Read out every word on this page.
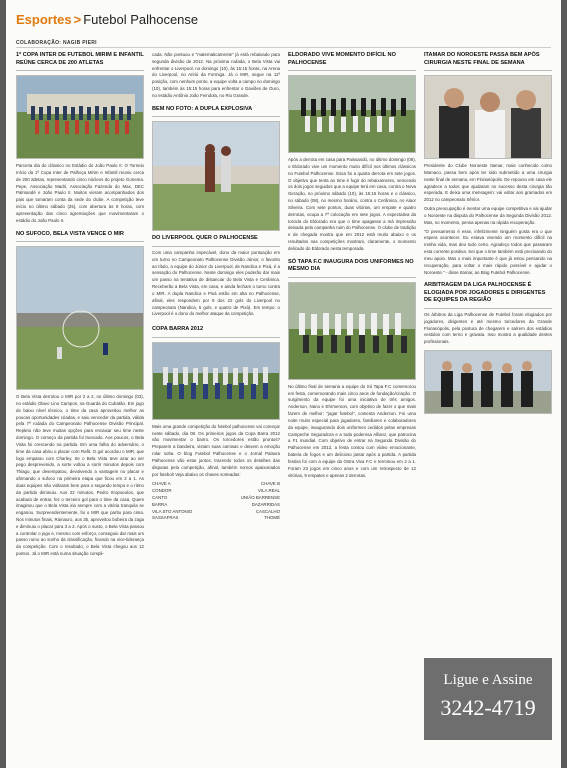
Esportes > Futebol Palhocense
COLABORAÇÃO: NAGIB PIERI
1º COPA INTER DE FUTEBOL MIRIM E INFANTIL REÚNE CERCA DE 200 ATLETAS

Parceria dia do clássico no Estádio do João Paulo II. O Torneio Início da 1ª Copa Inter de Palhoça Mirim e Infantil reuniu cerca de 200 atletas, representando cinco núcleos do projeto Gonema. Pepe, Associação Madri, Associação Fazenda do Max, DEC Palmandé e João Paulo II. Muitos vieram acompanhados dos pais que tomaram conta da sede do clube. A competição teve início no último sábado (25), com abertura às 8 horas, com apresentação das cinco agremiações que movimentaram o estádio do João Paulo II.

NO SUFOCO, BELA VISTA VENCE O MIR

O Bela Vista derrotou o MIR por 2 a 2, no último domingo (03), no estádio Olavo Lino Campos, na Guarda do Cubatão. Em jogo de baixo nível técnico, o time da casa aproveitou melhor as poucas oportunidades criadas, e saiu vencedor da partida, válida pela 7ª rodada do Campeonato Palhocense Divisão Principal. Repleto não teve muitas opções para encaixar seu time neste domingo. O começo da partida foi truncado. Aos poucos, o Bela Vista foi crescendo na partida. Em uma falha do adversário, o time da casa abriu o placar com Rafit. O gol acordou o MIR, que logo empatou com Charley. Se o Bela Vista teve azar ao ser pego desprevenido, a sorte voltou a sorrir minutos depois com Thiago, que desempatou, devolvendo a vantagem no placar e afirmando o sufoco na primeira etapa que ficou em 2 a 1. As duas equipes não voltaram bem para o segundo tempo e o ritmo da partida diminuiu. Aos 22 minutos, Pedro Itropoeulos, que acabara de entrar, fez o terceiro gol para o time da casa. Quem imaginou que o Bela Vista iria sempre com a vitória tranquila se enganou. Surpreendentemente, foi o MIR que partiu para cima. Nos minutos finais, Rainauro, aos 35, aproveitou bobeira da zaga e diminuiu o placar para 3 a 2. Após o susto, o Bela Vista passou a controlar o jogo e, mesmo com esforço, conseguiu dar mais um passo rumo ao sonho da classificação, ficando na vice-liderança da competição. Com o resultado, o Bela Vista chegou aos 12 pontos. Já o MIR está numa situação compli-

cada. Não pontuou e "matematicamente" já está rebaixado para segunda divisão de 2012. Na próxima rodada, o Bela Vista vai enfrentar o Liverpool, no domingo (10), às 15:15 horas, na Arena do Liverpool, no Aririú da Formiga. Já o MIR, segue na 11ª posição, com nenhum ponto, a equipe volta a campo no domingo (10), também às 15:15 horas para enfrentar o Gaviões de Ouro, no estádio Antônio João Feindola, no Rio Grande.

BEM NO FOTO: A DUPLA EXPLOSIVA
DO LIVERPOOL QUER O PALHOCENSE

Com uma campanha impecável, dono da maior pontuação em um turno no Campeonato Palhocense Divisão Júnior, o favorito ao título, a equipe do Júnior do Liverpool, de Nandica e Pixá, é a sensação do Palhocense. Neste domingo eles poderão dar mais um passo na tentativa de distanciar do Bela Vista e Cerâmica. Receberão a Bela Vista, em casa, e ainda fecham o turno contra o MIR. A dupla Nandica e Pixá estão em alta no Palhocense, afinal, eles respondem por 9 dos 22 gols do Liverpool no campeonato (Nandica, 5 gols, e quatro de Pixá). Em tempo: o Liverpool é o dono do melhor ataque da competição.

COPA BARRA 2012

Mais uma grande competição do futebol palhocense vai começar neste sábado, dia 08. Os primeiros jogos da Copa Barra 2012 vão movimentar o bairro. Os torcedores estão prontos? Preparem a bandeira, vistam suas camisas e deixem a emoção rolar solta. O blog Futebol Palhocense e o Jornal Palavra Palhocense vão estar juntos, trazendo todos os detalhes das disputas pela competição, afinal, também somos apaixonados por futebol! Veja abaixo os chaves sorteadas:

CHAVE A	CHAVE B
CONDOR	VILA REAL
CANTO	UNIÃO BARRENSE
BARRA	DAZARRIDAS
VILA STO ANTONIO	CASCALHO
SASSAFRAS	THOMÉ
ELDORADO VIVE MOMENTO DIFÍCIL NO PALHOCENSE

Após a derrota em casa para Paissandú, no último domingo (08), o Eldorado vive um momento muito difícil nos últimos clássicos no Futebol Palhocense. Essa foi a quarta derrota em sete jogos. O objetivo que tenta ao time é fugir do rebaixamento, vencendo os dois jogos seguidos que a equipe terá em casa, contra o Nova Geração, no próximo sábado (10), às 15:15 horas e o clássico, no sábado (08), no mesmo horário, contra o Cerâmica, no Alaor Silveira. Com sete pontos, duas vitórias, um empate e quatro derrotas, ocupa a 7ª colocação em sete jogos. A expectativa da torcida do Eldorado era que o time apagasse a má impressão deixada pela campanha ruim do Palhocense. O clube de tradição e de chegada mostra que em 2012 está muito abaixo e os resultados nas competições mostram, claramente, o momento delicado do Eldorado nesta temporada.

SÓ TAPA F.C INAUGURA DOIS UNIFORMES NO MESMO DIA

No último final de semana a equipe do Só Tapa F.C comemorou em festa, comemorando mais cinco anos de fundação/criação. O surgimento da equipe foi uma iniciativa de três amigos. Anderson, Nano e Ehrmerson, com objetivo de fazer o que mais fazem de melhor: "jogar futebol", comenta Anderson. Foi uma noite muito especial para jogadores, familiares e colaboradores da equipe, inaugurando dois uniformes cedidos pelas empresas Campeche Seguradora e a toda poderosa Allianz, que patrocina a F1 mundial. Com objetivo de entrar na Segunda Divisão do Palhocense em 2012, a festa contou com vídeo emocionante, bateria de fogos e um delicioso jantar após a partida. A partida festiva foi com a equipe da Ostra Viva F.C e terminou em 2 a 1. Foram 23 jogos em cinco anos e com um retrospecto de 12 vitórias, 9 empates e apenas 2 derrotas.

ITAMAR DO NOROESTE PASSA BEM APÓS CIRURGIA NESTE FINAL DE SEMANA

Presidente do Clube Noroeste Itamar, mais conhecido como Mamaco, passa bem após ter sido submetido a uma cirurgia neste final de semana, em Florianópolis. De repouso em casa ele agradece a todos que ajudaram no sucesso desta cirurgia tão esperada. E deixa uma mensagem: vai voltar aos gramados em 2012 no campeonato Sênior.

Outra preocupação é mentar uma equipe competitiva e vai ajudar o Noroeste na disputa do Palhocense da Segunda Divisão 2012. Mas, no momento, pensa apenas na rápida recuperação.

"O pensamento é esse, infelizmente ninguém gosta era o que espera acontecer. Eu estava vivendo um momento difícil na minha vida, mas deu tudo certo. Agradeço todos que passaram esta corrente positiva. Sei que o time também está precisando do meu apoio. Mas o mais importante é que já estou pensando na recuperação, para voltar o mais rápido possível e ajudar o Noroeste." - disse Itamar, ao Blog Futebol Palhocense.

ARBITRAGEM DA LIGA PALHOCENSE É ELOGIADA POR JOGADORES E DIRIGENTES DE EQUIPES DA REGIÃO

Os árbitros da Liga Palhocense de Futebol foram elogiados por jogadores, dirigentes e até mesmo torcedores da Grande Florianópolis, pela postura de chegarem e saírem dos estádios vestidos com terno e gravata. Isso mostra a qualidade destes profissionais.

Ligue e Assine
3242-4719
